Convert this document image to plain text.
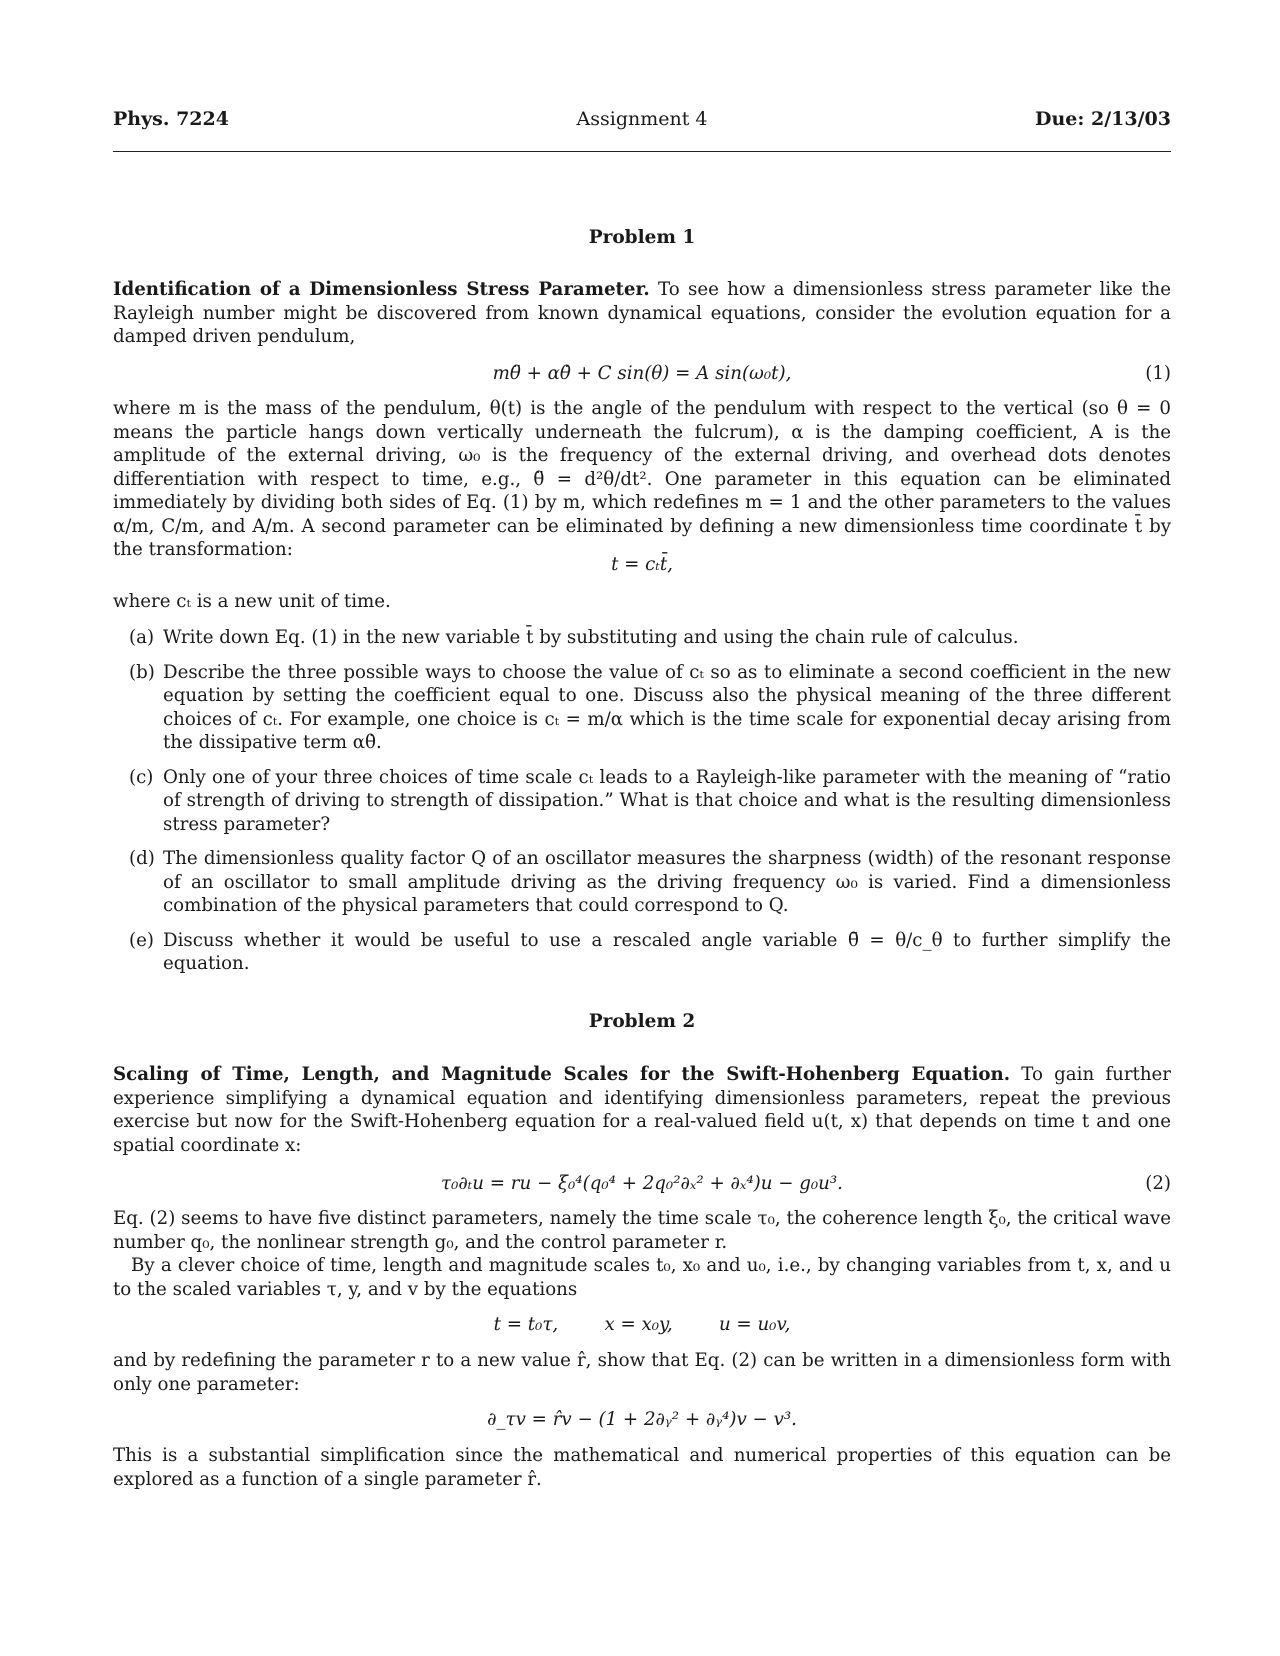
Phys. 7224	Assignment 4	Due: 2/13/03
Problem 1

Identification of a Dimensionless Stress Parameter. To see how a dimensionless stress parameter like the Rayleigh number might be discovered from known dynamical equations, consider the evolution equation for a damped driven pendulum,

mθ̈ + αθ̇ + C sin(θ) = A sin(ω₀t),	(1)

where m is the mass of the pendulum, θ(t) is the angle of the pendulum with respect to the vertical (so θ = 0 means the particle hangs down vertically underneath the fulcrum), α is the damping coefficient, A is the amplitude of the external driving, ω₀ is the frequency of the external driving, and overhead dots denotes differentiation with respect to time, e.g., θ̈ = d²θ/dt². One parameter in this equation can be eliminated immediately by dividing both sides of Eq. (1) by m, which redefines m = 1 and the other parameters to the values α/m, C/m, and A/m. A second parameter can be eliminated by defining a new dimensionless time coordinate t̄ by the transformation:

t = cₜt̄,

where cₜ is a new unit of time.

(a) Write down Eq. (1) in the new variable t̄ by substituting and using the chain rule of calculus.
(b) Describe the three possible ways to choose the value of cₜ so as to eliminate a second coefficient in the new equation by setting the coefficient equal to one. Discuss also the physical meaning of the three different choices of cₜ. For example, one choice is cₜ = m/α which is the time scale for exponential decay arising from the dissipative term αθ̇.
(c) Only one of your three choices of time scale cₜ leads to a Rayleigh-like parameter with the meaning of “ratio of strength of driving to strength of dissipation.” What is that choice and what is the resulting dimensionless stress parameter?
(d) The dimensionless quality factor Q of an oscillator measures the sharpness (width) of the resonant response of an oscillator to small amplitude driving as the driving frequency ω₀ is varied. Find a dimensionless combination of the physical parameters that could correspond to Q.
(e) Discuss whether it would be useful to use a rescaled angle variable θ̄ = θ/c_θ to further simplify the equation.
Problem 2

Scaling of Time, Length, and Magnitude Scales for the Swift-Hohenberg Equation. To gain further experience simplifying a dynamical equation and identifying dimensionless parameters, repeat the previous exercise but now for the Swift-Hohenberg equation for a real-valued field u(t, x) that depends on time t and one spatial coordinate x:

τ₀∂ₜu = ru − ξ₀⁴(q₀⁴ + 2q₀²∂ₓ² + ∂ₓ⁴)u − g₀u³.	(2)

Eq. (2) seems to have five distinct parameters, namely the time scale τ₀, the coherence length ξ₀, the critical wave number q₀, the nonlinear strength g₀, and the control parameter r.

By a clever choice of time, length and magnitude scales t₀, x₀ and u₀, i.e., by changing variables from t, x, and u to the scaled variables τ, y, and v by the equations

t = t₀τ,        x = x₀y,        u = u₀v,

and by redefining the parameter r to a new value r̂, show that Eq. (2) can be written in a dimensionless form with only one parameter:

∂_τv = r̂v − (1 + 2∂ᵧ² + ∂ᵧ⁴)v − v³.

This is a substantial simplification since the mathematical and numerical properties of this equation can be explored as a function of a single parameter r̂.
